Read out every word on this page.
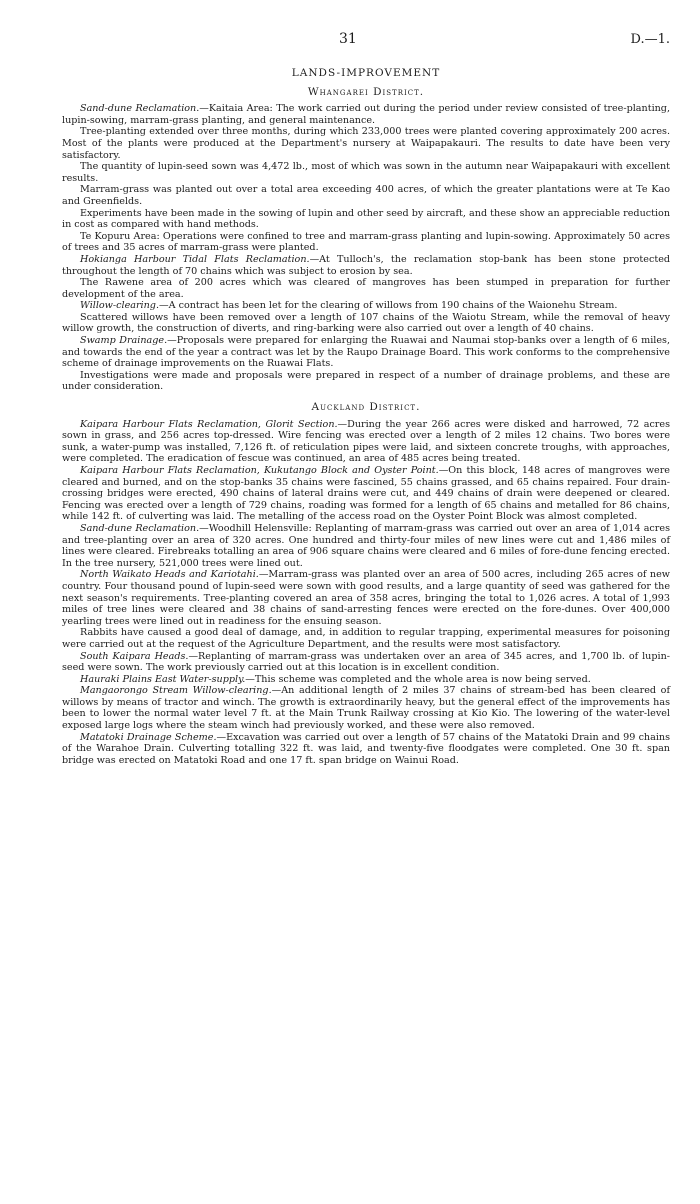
31	D.—1.
LANDS-IMPROVEMENT
Whangarei District.

Sand-dune Reclamation.—Kaitaia Area: The work carried out during the period under review consisted of tree-planting, lupin-sowing, marram-grass planting, and general maintenance.

Tree-planting extended over three months, during which 233,000 trees were planted covering approximately 200 acres. Most of the plants were produced at the Department's nursery at Waipapakauri. The results to date have been very satisfactory.

The quantity of lupin-seed sown was 4,472 lb., most of which was sown in the autumn near Waipapakauri with excellent results.

Marram-grass was planted out over a total area exceeding 400 acres, of which the greater plantations were at Te Kao and Greenfields.

Experiments have been made in the sowing of lupin and other seed by aircraft, and these show an appreciable reduction in cost as compared with hand methods.

Te Kopuru Area: Operations were confined to tree and marram-grass planting and lupin-sowing. Approximately 50 acres of trees and 35 acres of marram-grass were planted.

Hokianga Harbour Tidal Flats Reclamation.—At Tulloch's, the reclamation stop-bank has been stone protected throughout the length of 70 chains which was subject to erosion by sea.

The Rawene area of 200 acres which was cleared of mangroves has been stumped in preparation for further development of the area.

Willow-clearing.—A contract has been let for the clearing of willows from 190 chains of the Waionehu Stream.

Scattered willows have been removed over a length of 107 chains of the Waiotu Stream, while the removal of heavy willow growth, the construction of diverts, and ring-barking were also carried out over a length of 40 chains.

Swamp Drainage.—Proposals were prepared for enlarging the Ruawai and Naumai stop-banks over a length of 6 miles, and towards the end of the year a contract was let by the Raupo Drainage Board. This work conforms to the comprehensive scheme of drainage improvements on the Ruawai Flats.

Investigations were made and proposals were prepared in respect of a number of drainage problems, and these are under consideration.

Auckland District.

Kaipara Harbour Flats Reclamation, Glorit Section.—During the year 266 acres were disked and harrowed, 72 acres sown in grass, and 256 acres top-dressed. Wire fencing was erected over a length of 2 miles 12 chains. Two bores were sunk, a water-pump was installed, 7,126 ft. of reticulation pipes were laid, and sixteen concrete troughs, with approaches, were completed. The eradication of fescue was continued, an area of 485 acres being treated.

Kaipara Harbour Flats Reclamation, Kukutango Block and Oyster Point.—On this block, 148 acres of mangroves were cleared and burned, and on the stop-banks 35 chains were fascined, 55 chains grassed, and 65 chains repaired. Four drain-crossing bridges were erected, 490 chains of lateral drains were cut, and 449 chains of drain were deepened or cleared. Fencing was erected over a length of 729 chains, roading was formed for a length of 65 chains and metalled for 86 chains, while 142 ft. of culverting was laid. The metalling of the access road on the Oyster Point Block was almost completed.

Sand-dune Reclamation.—Woodhill Helensville: Replanting of marram-grass was carried out over an area of 1,014 acres and tree-planting over an area of 320 acres. One hundred and thirty-four miles of new lines were cut and 1,486 miles of lines were cleared. Firebreaks totalling an area of 906 square chains were cleared and 6 miles of fore-dune fencing erected. In the tree nursery, 521,000 trees were lined out.

North Waikato Heads and Kariotahi.—Marram-grass was planted over an area of 500 acres, including 265 acres of new country. Four thousand pound of lupin-seed were sown with good results, and a large quantity of seed was gathered for the next season's requirements. Tree-planting covered an area of 358 acres, bringing the total to 1,026 acres. A total of 1,993 miles of tree lines were cleared and 38 chains of sand-arresting fences were erected on the fore-dunes. Over 400,000 yearling trees were lined out in readiness for the ensuing season.

Rabbits have caused a good deal of damage, and, in addition to regular trapping, experimental measures for poisoning were carried out at the request of the Agriculture Department, and the results were most satisfactory.

South Kaipara Heads.—Replanting of marram-grass was undertaken over an area of 345 acres, and 1,700 lb. of lupin-seed were sown. The work previously carried out at this location is in excellent condition.

Hauraki Plains East Water-supply.—This scheme was completed and the whole area is now being served.

Mangaorongo Stream Willow-clearing.—An additional length of 2 miles 37 chains of stream-bed has been cleared of willows by means of tractor and winch. The growth is extraordinarily heavy, but the general effect of the improvements has been to lower the normal water level 7 ft. at the Main Trunk Railway crossing at Kio Kio. The lowering of the water-level exposed large logs where the steam winch had previously worked, and these were also removed.

Matatoki Drainage Scheme.—Excavation was carried out over a length of 57 chains of the Matatoki Drain and 99 chains of the Warahoe Drain. Culverting totalling 322 ft. was laid, and twenty-five floodgates were completed. One 30 ft. span bridge was erected on Matatoki Road and one 17 ft. span bridge on Wainui Road.
